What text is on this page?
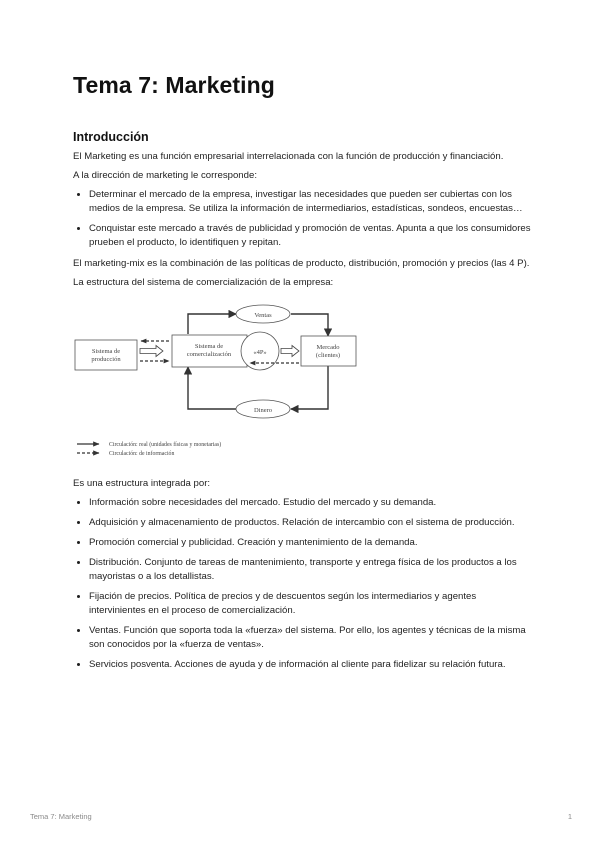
Tema 7: Marketing
Introducción

El Marketing es una función empresarial interrelacionada con la función de producción y financiación.

A la dirección de marketing le corresponde:

• Determinar el mercado de la empresa, investigar las necesidades que pueden ser cubiertas con los medios de la empresa. Se utiliza la información de intermediarios, estadísticas, sondeos, encuestas…
• Conquistar este mercado a través de publicidad y promoción de ventas. Apunta a que los consumidores prueben el producto, lo identifiquen y repitan.

El marketing-mix es la combinación de las políticas de producto, distribución, promoción y precios (las 4 P).

La estructura del sistema de comercialización de la empresa:

Ventas
Dinero
Sistema de
producción
Sistema de
comercialización	«4P»
Mercado
(clientes)
Circulación: real (unidades físicas y monetarias)
Circulación: de información

Es una estructura integrada por:

• Información sobre necesidades del mercado. Estudio del mercado y su demanda.
• Adquisición y almacenamiento de productos. Relación de intercambio con el sistema de producción.
• Promoción comercial y publicidad. Creación y mantenimiento de la demanda.
• Distribución. Conjunto de tareas de mantenimiento, transporte y entrega física de los productos a los mayoristas o a los detallistas.
• Fijación de precios. Política de precios y de descuentos según los intermediarios y agentes intervinientes en el proceso de comercialización.
• Ventas. Función que soporta toda la «fuerza» del sistema. Por ello, los agentes y técnicas de la misma son conocidos por la «fuerza de ventas».
• Servicios posventa. Acciones de ayuda y de información al cliente para fidelizar su relación futura.
Tema 7: Marketing	1
